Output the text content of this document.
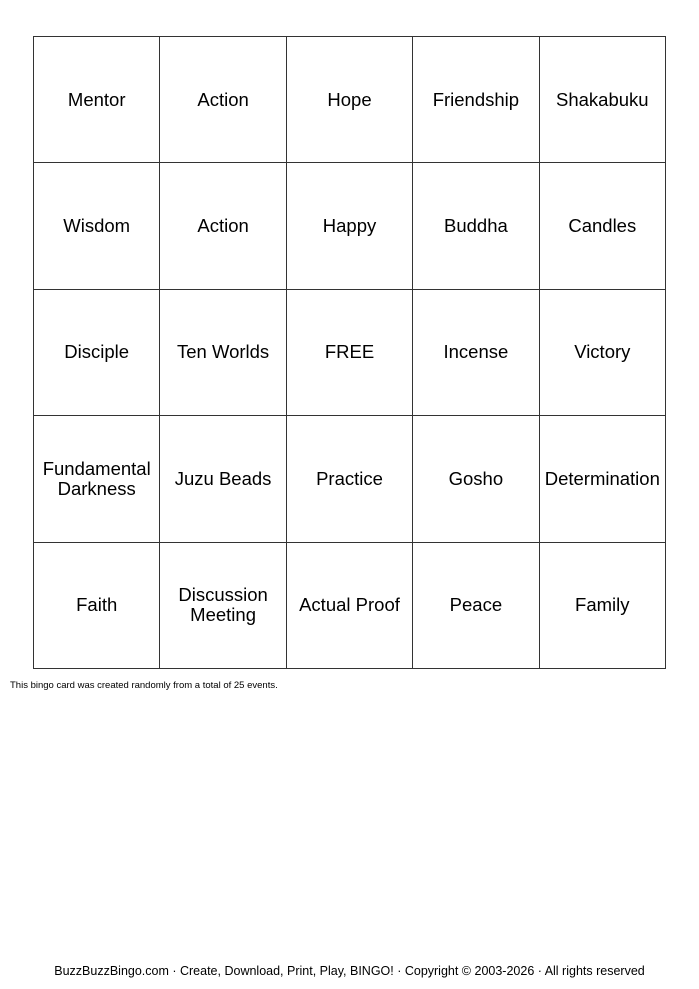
Mentor	Action	Hope	Friendship	Shakabuku
Wisdom	Action	Happy	Buddha	Candles
Disciple	Ten Worlds	FREE	Incense	Victory
Fundamental Darkness	Juzu Beads	Practice	Gosho	Determination
Faith	Discussion Meeting	Actual Proof	Peace	Family
This bingo card was created randomly from a total of 25 events.
BuzzBuzzBingo.com · Create, Download, Print, Play, BINGO! · Copyright © 2003-2026 · All rights reserved
